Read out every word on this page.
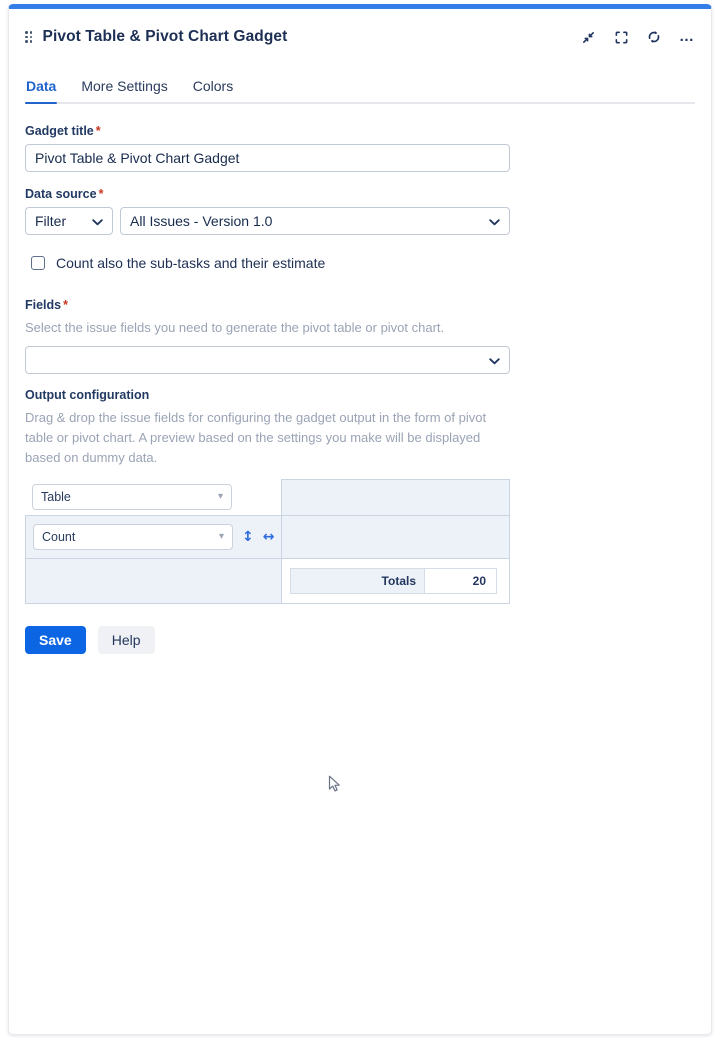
Pivot Table & Pivot Chart Gadget	…
Data More Settings Colors
Gadget title *
Pivot Table & Pivot Chart Gadget
Data source *
Filter	All Issues - Version 1.0
Count also the sub-tasks and their estimate
Fields *
Select the issue fields you need to generate the pivot table or pivot chart.
Output configuration
Drag & drop the issue fields for configuring the gadget output in the form of pivot table or pivot chart. A preview based on the settings you make will be displayed based on dummy data.
Table	▾
Count	▾ ↕ ↔
Totals	20
Save	Help
